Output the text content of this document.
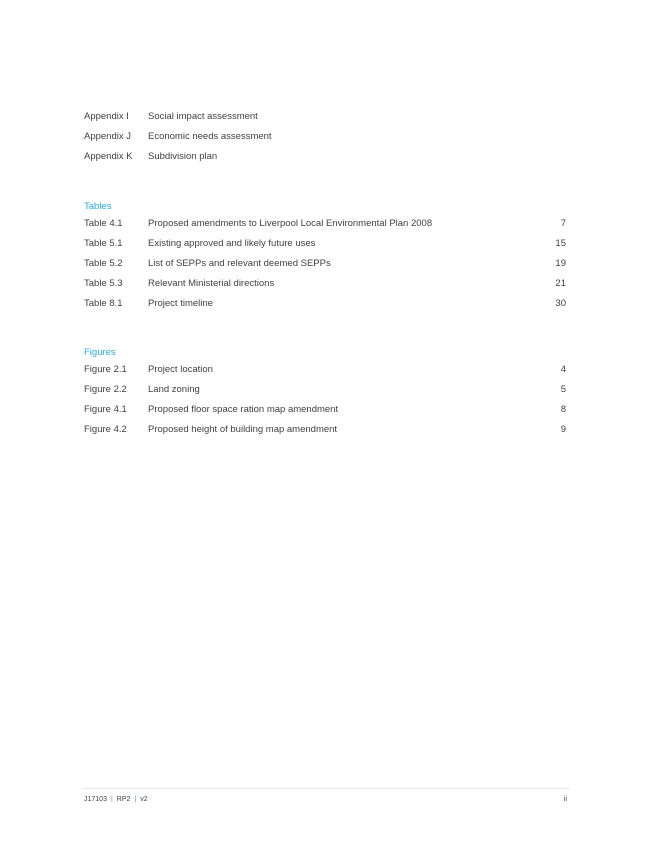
Appendix I Social impact assessment
Appendix J Economic needs assessment
Appendix K Subdivision plan
Tables
Table 4.1	Proposed amendments to Liverpool Local Environmental Plan 2008	7
Table 5.1	Existing approved and likely future uses	15
Table 5.2	List of SEPPs and relevant deemed SEPPs	19
Table 5.3	Relevant Ministerial directions	21
Table 8.1	Project timeline	30
Figures
Figure 2.1 Project location	4
Figure 2.2 Land zoning	5
Figure 4.1 Proposed floor space ration map amendment	8
Figure 4.2 Proposed height of building map amendment	9
J17103 | RP2 | v2	ii
